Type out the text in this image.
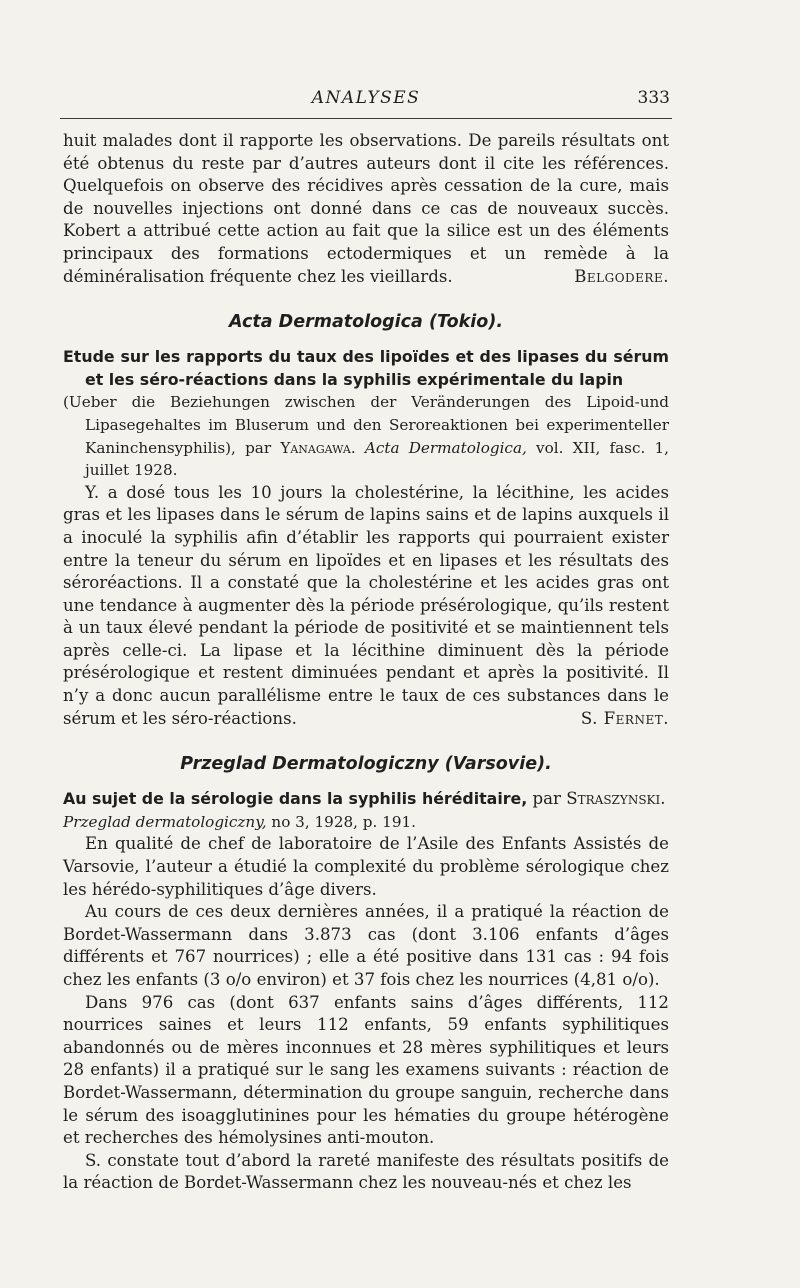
ANALYSES	333

huit malades dont il rapporte les observations. De pareils résultats ont été obtenus du reste par d’autres auteurs dont il cite les références. Quelquefois on observe des récidives après cessation de la cure, mais de nouvelles injections ont donné dans ce cas de nouveaux succès. Kobert a attribué cette action au fait que la silice est un des éléments principaux des formations ectodermiques et un remède à la déminéralisation fréquente chez les vieillards.	Belgodere.

Acta Dermatologica (Tokio).

Etude sur les rapports du taux des lipoïdes et des lipases du sérum et les séro-réactions dans la syphilis expérimentale du lapin
(Ueber die Beziehungen zwischen der Veränderungen des Lipoid-und Lipasegehaltes im Bluserum und den Seroreaktionen bei experimenteller Kaninchensyphilis), par Yanagawa. Acta Dermatologica, vol. XII, fasc. 1, juillet 1928.

Y. a dosé tous les 10 jours la cholestérine, la lécithine, les acides gras et les lipases dans le sérum de lapins sains et de lapins auxquels il a inoculé la syphilis afin d’établir les rapports qui pourraient exister entre la teneur du sérum en lipoïdes et en lipases et les résultats des séroréactions. Il a constaté que la cholestérine et les acides gras ont une tendance à augmenter dès la période présérologique, qu’ils restent à un taux élevé pendant la période de positivité et se maintiennent tels après celle-ci. La lipase et la lécithine diminuent dès la période présérologique et restent diminuées pendant et après la positivité. Il n’y a donc aucun parallélisme entre le taux de ces substances dans le sérum et les séro-réactions.	S. Fernet.

Przeglad Dermatologiczny (Varsovie).

Au sujet de la sérologie dans la syphilis héréditaire, par Straszynski.
Przeglad dermatologiczny, no 3, 1928, p. 191.

En qualité de chef de laboratoire de l’Asile des Enfants Assistés de Varsovie, l’auteur a étudié la complexité du problème sérologique chez les hérédo-syphilitiques d’âge divers.

Au cours de ces deux dernières années, il a pratiqué la réaction de Bordet-Wassermann dans 3.873 cas (dont 3.106 enfants d’âges différents et 767 nourrices) ; elle a été positive dans 131 cas : 94 fois chez les enfants (3 o/o environ) et 37 fois chez les nourrices (4,81 o/o).

Dans 976 cas (dont 637 enfants sains d’âges différents, 112 nourrices saines et leurs 112 enfants, 59 enfants syphilitiques abandonnés ou de mères inconnues et 28 mères syphilitiques et leurs 28 enfants) il a pratiqué sur le sang les examens suivants : réaction de Bordet-Wassermann, détermination du groupe sanguin, recherche dans le sérum des isoagglutinines pour les hématies du groupe hétérogène et recherches des hémolysines anti-mouton.

S. constate tout d’abord la rareté manifeste des résultats positifs de la réaction de Bordet-Wassermann chez les nouveau-nés et chez les
